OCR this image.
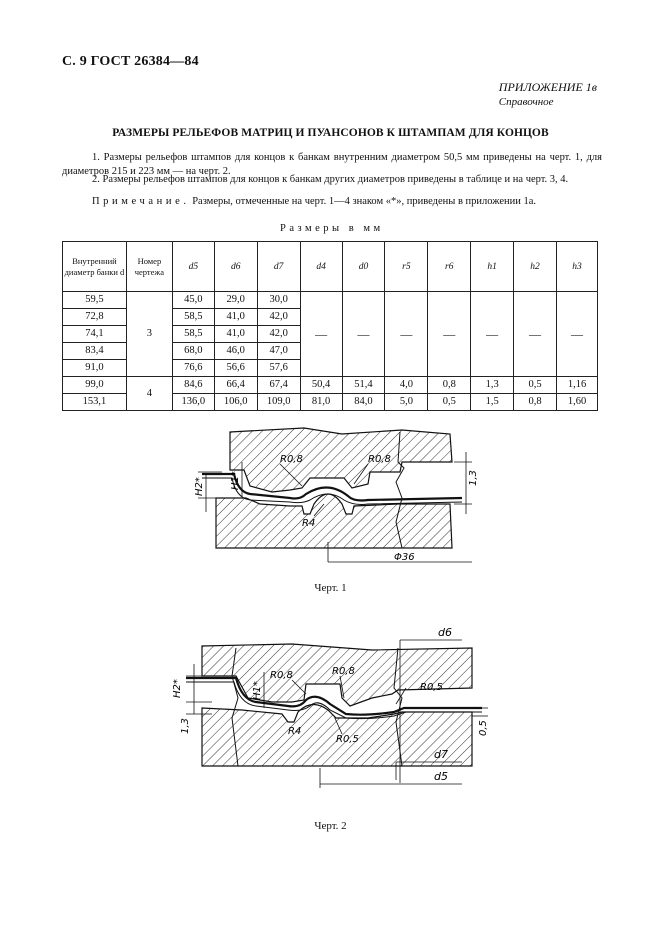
С. 9 ГОСТ 26384—84
ПРИЛОЖЕНИЕ 1в
Справочное
РАЗМЕРЫ РЕЛЬЕФОВ МАТРИЦ И ПУАНСОНОВ К ШТАМПАМ ДЛЯ КОНЦОВ
1. Размеры рельефов штампов для концов к банкам внутренним диаметром 50,5 мм приведены на черт. 1, для диаметров 215 и 223 мм — на черт. 2.
2. Размеры рельефов штампов для концов к банкам других диаметров приведены в таблице и на черт. 3, 4.
Примечание. Размеры, отмеченные на черт. 1—4 знаком «*», приведены в приложении 1а.
Размеры в мм
Внутренний диаметр банки d	Номер чертежа	d5	d6	d7	d4	d0	r5	r6	h1	h2	h3
59,5	3	45,0	29,0	30,0	—	—	—	—	—	—	—
72,8		58,5	41,0	42,0							
74,1		58,5	41,0	42,0							
83,4		68,0	46,0	47,0							
91,0		76,6	56,6	57,6							
99,0	4	84,6	66,4	67,4	50,4	51,4	4,0	0,8	1,3	0,5	1,16
153,1		136,0	106,0	109,0	81,0	84,0	5,0	0,5	1,5	0,8	1,60
R0,8	R0,8
R4
H2*	H1*	1,3
Φ36
Черт. 1
R0,8	R0,8
R0,5
R0,5
R4
H2*	H1*
1,3	0,5
d6
d7
d5
Черт. 2
